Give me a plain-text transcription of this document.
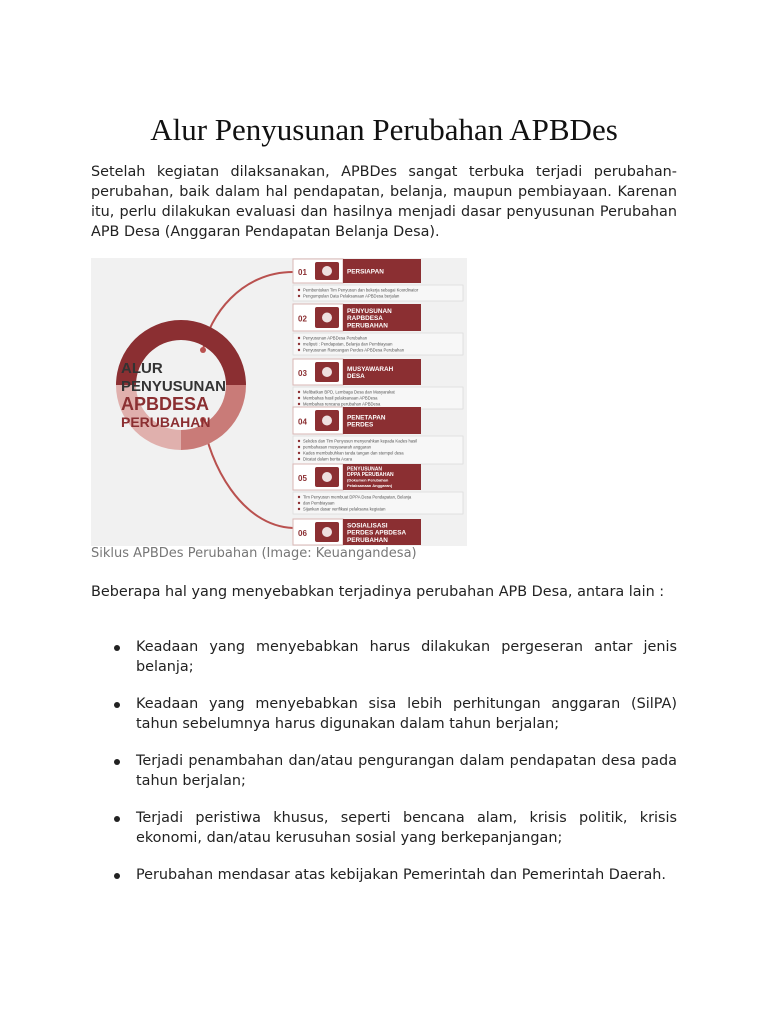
Alur Penyusunan Perubahan APBDes

Setelah kegiatan dilaksanakan, APBDes sangat terbuka terjadi perubahan-perubahan, baik dalam hal pendapatan, belanja, maupun pembiayaan. Karenan itu, perlu dilakukan evaluasi dan hasilnya menjadi dasar penyusunan Perubahan APB Desa (Anggaran Pendapatan Belanja Desa).

ALUR
PENYUSUNAN
APBDESA
PERUBAHAN
01	PERSIAPAN
Pembentukan Tim Penyusun dan bekerja sebagai Koordinator
Pengumpulan Data Pelaksanaan APBDesa berjalan
02
PENYUSUNAN
RAPBDESA
PERUBAHAN
Penyusunan APBDesa Perubahan
meliputi : Pendapatan, Belanja dan Pembiayaan
Penyusunan Rancangan Perdes APBDesa Perubahan
03	MUSYAWARAH
DESA
Melibatkan BPD, Lembaga Desa dan Masyarakat
Membahas hasil pelaksanaan APBDesa
Membahas rencana perubahan APBDesa
04	PENETAPAN
PERDES
Sekdes dan Tim Penyusun menyerahkan kepada Kades hasil
pembahasan musyawarah anggaran
Kades membubuhkan tanda tangan dan stempel desa
Dicatat dalam berita Acara
05
PENYUSUNAN
DPPA PERUBAHAN
(Dokumen Perubahan
Pelaksanaan Anggaran)
Tim Penyusun membuat DPPA Desa Pendapatan, Belanja
dan Pembiayaan
Sijankan dasar verifikasi pelaksana kegiatan
06
SOSIALISASI
PERDES APBDESA
PERUBAHAN
Siklus APBDes Perubahan (Image: Keuangandesa)

Beberapa hal yang menyebabkan terjadinya perubahan APB Desa, antara lain :

Keadaan yang menyebabkan harus dilakukan pergeseran antar jenis belanja;
Keadaan yang menyebabkan sisa lebih perhitungan anggaran (SilPA) tahun sebelumnya harus digunakan dalam tahun berjalan;
Terjadi penambahan dan/atau pengurangan dalam pendapatan desa pada tahun berjalan;
Terjadi peristiwa khusus, seperti bencana alam, krisis politik, krisis ekonomi, dan/atau kerusuhan sosial yang berkepanjangan;
Perubahan mendasar atas kebijakan Pemerintah dan Pemerintah Daerah.
